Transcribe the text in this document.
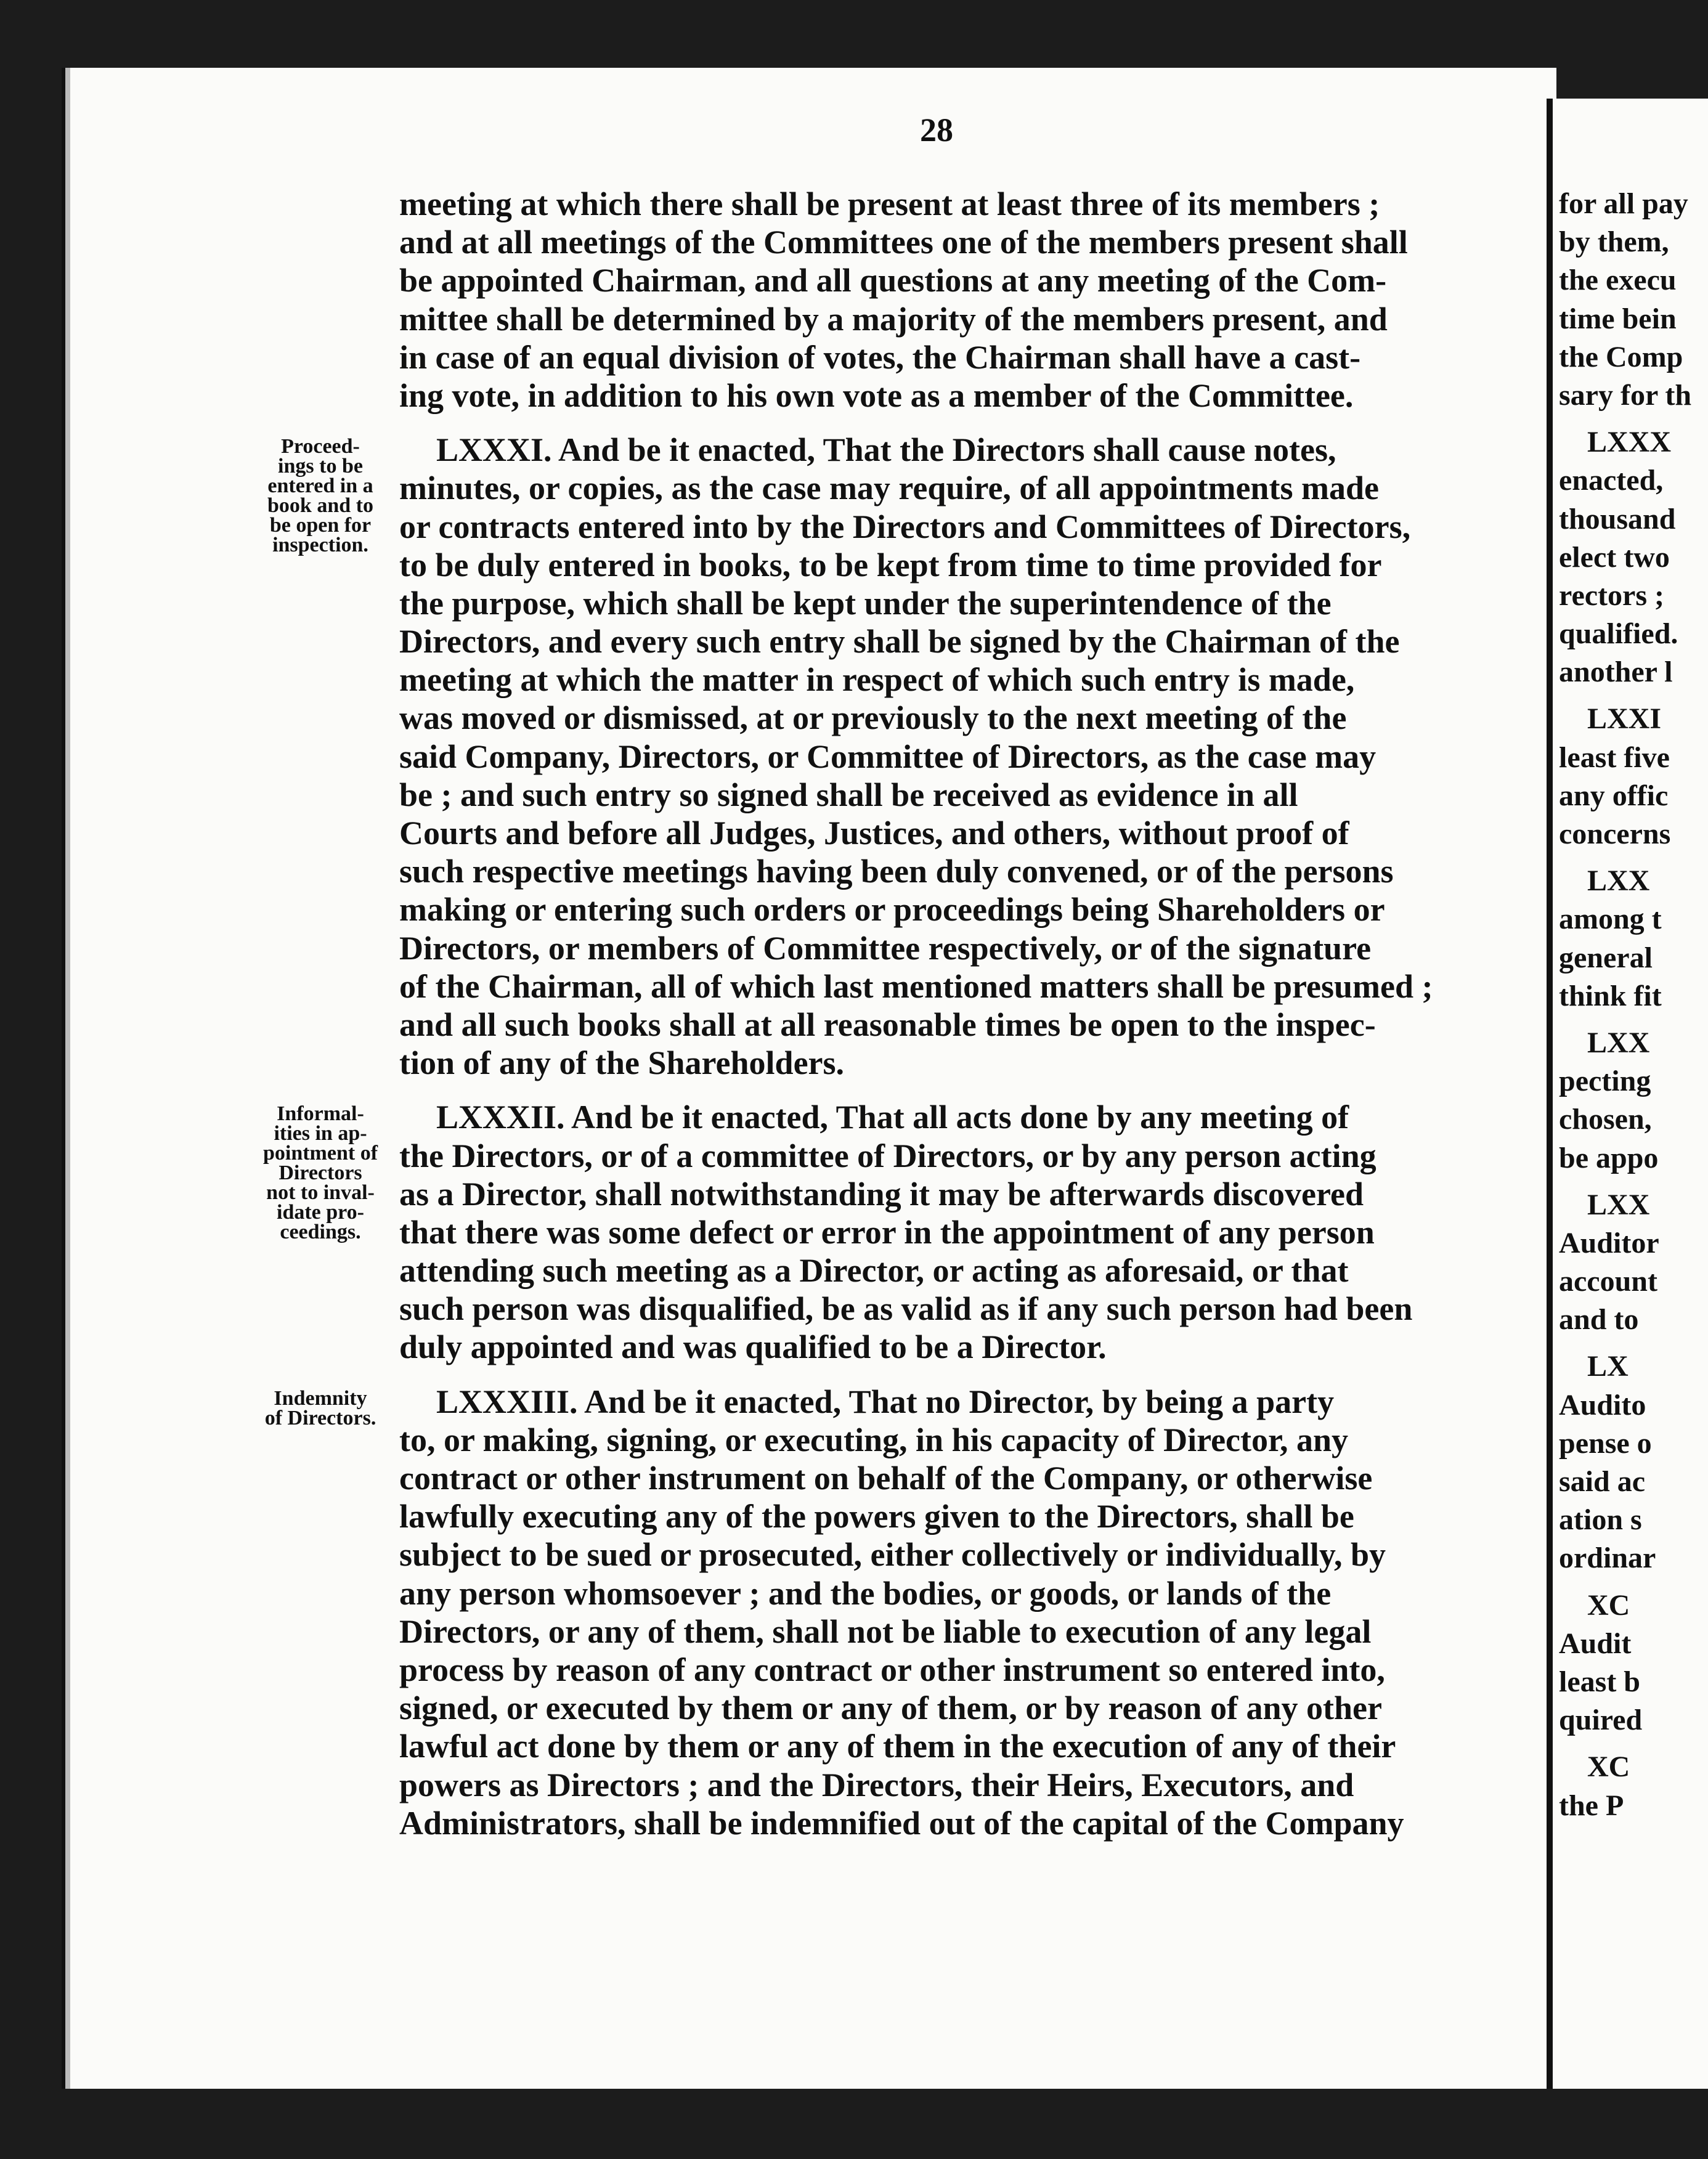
28
Proceed-
ings to be
entered in a
book and to
be open for
inspection.
Informal-
ities in ap-
pointment of
Directors
not to inval-
idate pro-
ceedings.
Indemnity
of Directors.
meeting at which there shall be present at least three of its members ;
and at all meetings of the Committees one of the members present shall
be appointed Chairman, and all questions at any meeting of the Com-
mittee shall be determined by a majority of the members present, and
in case of an equal division of votes, the Chairman shall have a cast-
ing vote, in addition to his own vote as a member of the Committee.
LXXXI. And be it enacted, That the Directors shall cause notes,
minutes, or copies, as the case may require, of all appointments made
or contracts entered into by the Directors and Committees of Directors,
to be duly entered in books, to be kept from time to time provided for
the purpose, which shall be kept under the superintendence of the
Directors, and every such entry shall be signed by the Chairman of the
meeting at which the matter in respect of which such entry is made,
was moved or dismissed, at or previously to the next meeting of the
said Company, Directors, or Committee of Directors, as the case may
be ; and such entry so signed shall be received as evidence in all
Courts and before all Judges, Justices, and others, without proof of
such respective meetings having been duly convened, or of the persons
making or entering such orders or proceedings being Shareholders or
Directors, or members of Committee respectively, or of the signature
of the Chairman, all of which last mentioned matters shall be presumed ;
and all such books shall at all reasonable times be open to the inspec-
tion of any of the Shareholders.
LXXXII. And be it enacted, That all acts done by any meeting of
the Directors, or of a committee of Directors, or by any person acting
as a Director, shall notwithstanding it may be afterwards discovered
that there was some defect or error in the appointment of any person
attending such meeting as a Director, or acting as aforesaid, or that
such person was disqualified, be as valid as if any such person had been
duly appointed and was qualified to be a Director.
LXXXIII. And be it enacted, That no Director, by being a party
to, or making, signing, or executing, in his capacity of Director, any
contract or other instrument on behalf of the Company, or otherwise
lawfully executing any of the powers given to the Directors, shall be
subject to be sued or prosecuted, either collectively or individually, by
any person whomsoever ; and the bodies, or goods, or lands of the
Directors, or any of them, shall not be liable to execution of any legal
process by reason of any contract or other instrument so entered into,
signed, or executed by them or any of them, or by reason of any other
lawful act done by them or any of them in the execution of any of their
powers as Directors ; and the Directors, their Heirs, Executors, and
Administrators, shall be indemnified out of the capital of the Company
for all pay
by them,
the execu
time bein
the Comp
sary for th
LXXX
enacted,
thousand
elect two
rectors ;
qualified.
another l
LXXI
least five
any offic
concerns
LXX
among t
general
think fit
LXX
pecting
chosen,
be appo
LXX
Auditor
account
and to
LX
Audito
pense o
said ac
ation s
ordinar
XC
Audit
least b
quired
XC
the P
